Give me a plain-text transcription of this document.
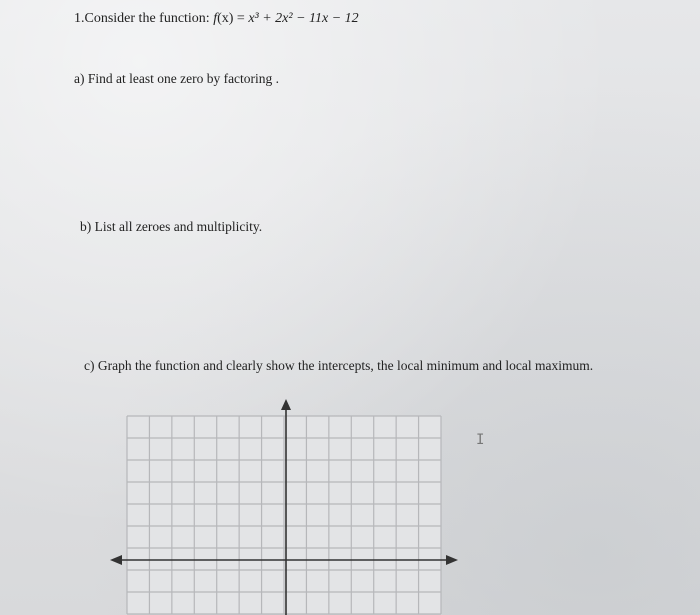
1.Consider the function: f(x) = x³ + 2x² − 11x − 12
a) Find at least one zero by factoring .
b) List all zeroes and multiplicity.
c) Graph the function and clearly show the intercepts, the local minimum and local maximum.
I
